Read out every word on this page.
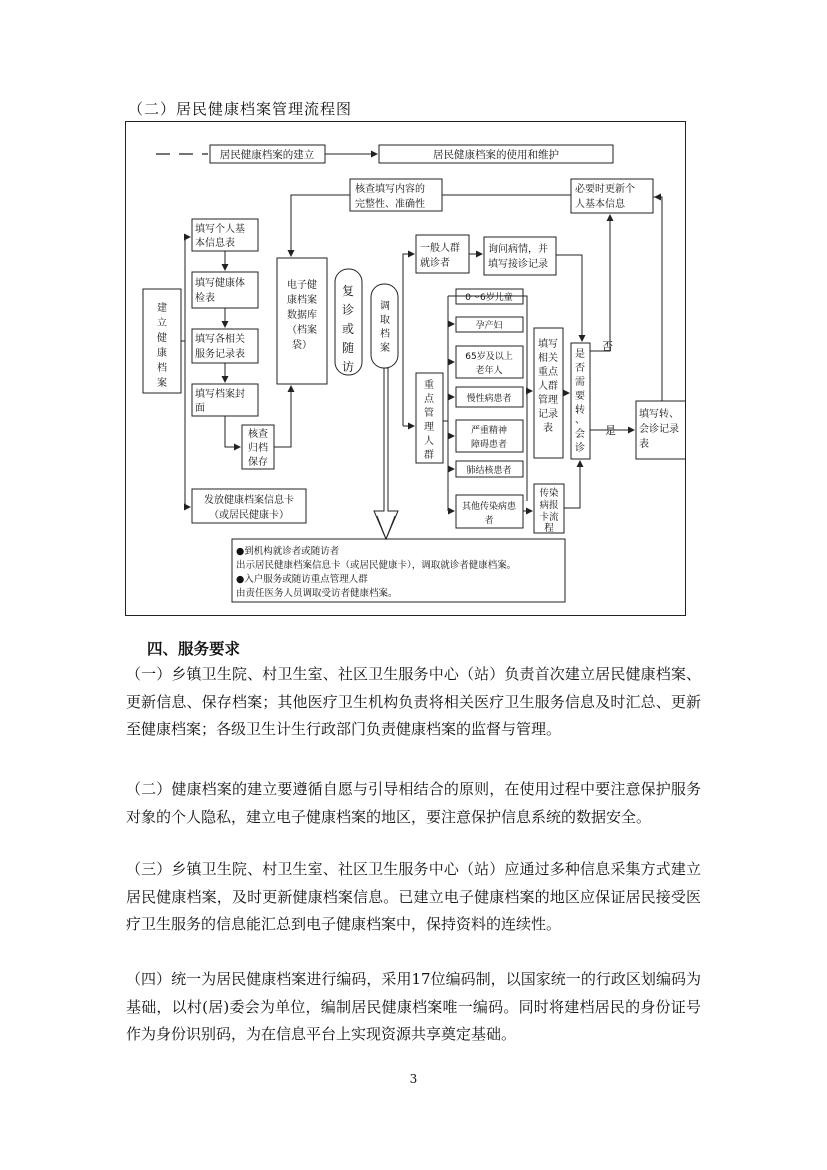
（二）居民健康档案管理流程图
居民健康档案的建立	居民健康档案的使用和维护
核查填写内容的
完整性、准确性
必要时更新个
人基本信息
建
立
健
康
档
案
填写个人基
本信息表
填写健康体
检表
填写各相关
服务记录表
填写档案封
面
核查
归档
保存
发放健康档案信息卡
（或居民健康卡）
电子健
康档案
数据库
（档案
袋）
复
诊
或
随
访
调
取
档
案
一般人群
就诊者
询问病情，并
填写接诊记录
重
点
管
理
人
群
0～6岁儿童
孕产妇
65岁及以上
老年人
慢性病患者
严重精神
障碍患者
肺结核患者
其他传染病患
者
填写
相关
重点
人群
管理
记录
表
传染
病报
卡流
程
是
否
需
要
转
、
会
诊
否
是
填写转、
会诊记录
表
●到机构就诊者或随访者
出示居民健康档案信息卡（或居民健康卡），调取就诊者健康档案。
●入户服务或随访重点管理人群
由责任医务人员调取受访者健康档案。
四、服务要求

（一）乡镇卫生院、村卫生室、社区卫生服务中心（站）负责首次建立居民健康档案、更新信息、保存档案；其他医疗卫生机构负责将相关医疗卫生服务信息及时汇总、更新至健康档案；各级卫生计生行政部门负责健康档案的监督与管理。

（二）健康档案的建立要遵循自愿与引导相结合的原则，在使用过程中要注意保护服务对象的个人隐私，建立电子健康档案的地区，要注意保护信息系统的数据安全。

（三）乡镇卫生院、村卫生室、社区卫生服务中心（站）应通过多种信息采集方式建立居民健康档案，及时更新健康档案信息。已建立电子健康档案的地区应保证居民接受医疗卫生服务的信息能汇总到电子健康档案中，保持资料的连续性。

（四）统一为居民健康档案进行编码，采用17位编码制，以国家统一的行政区划编码为基础，以村(居)委会为单位，编制居民健康档案唯一编码。同时将建档居民的身份证号作为身份识别码，为在信息平台上实现资源共享奠定基础。

3
